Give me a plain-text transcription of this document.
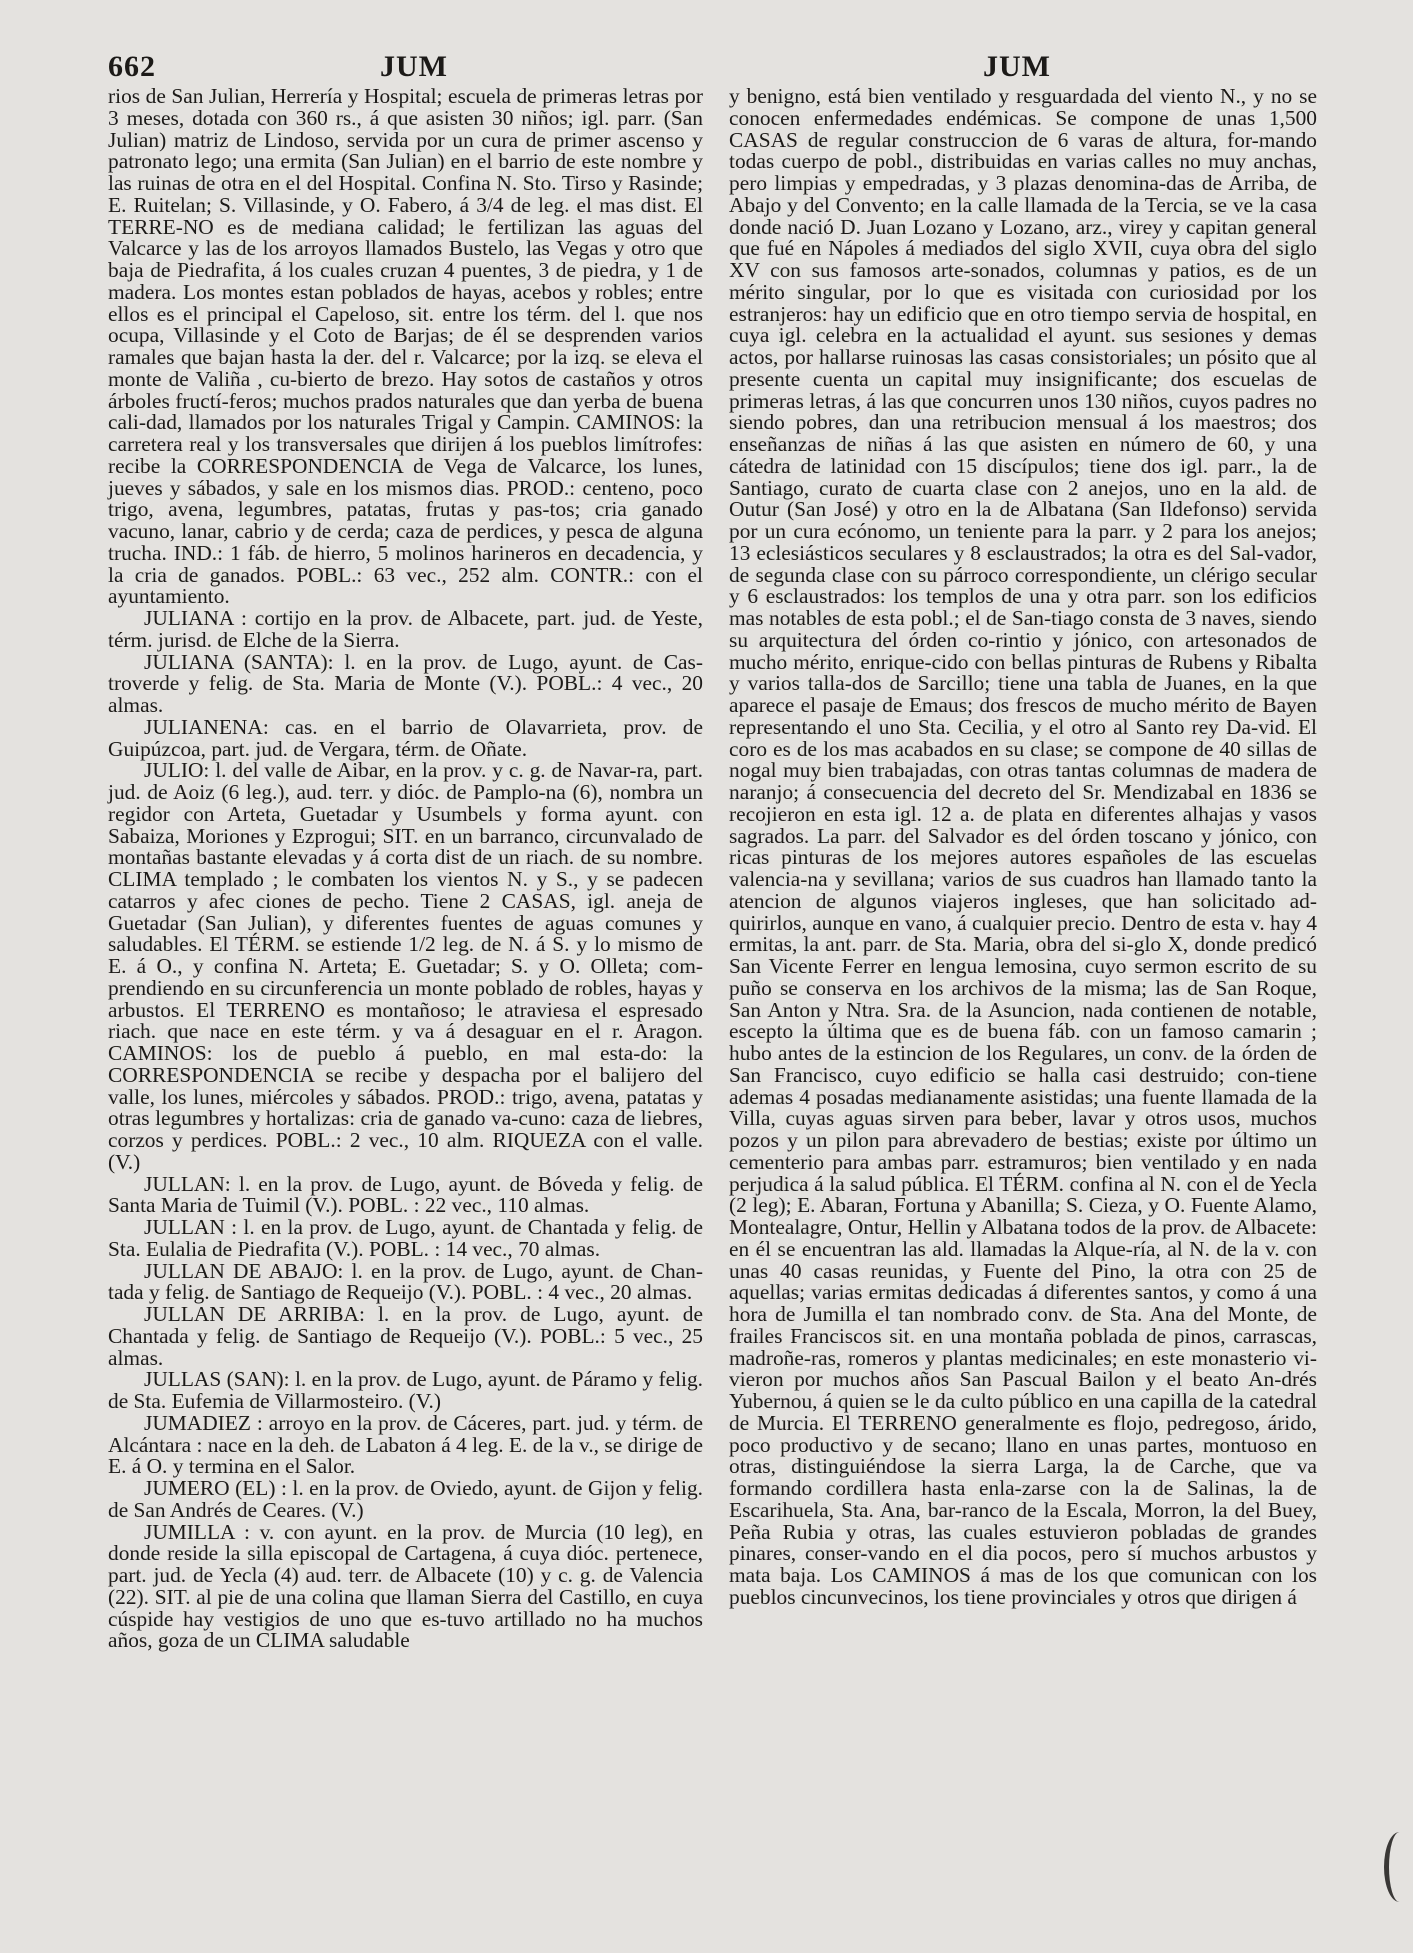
662	JUM	JUM

rios de San Julian, Herrería y Hospital; escuela de primeras letras por 3 meses, dotada con 360 rs., á que asisten 30 niños; igl. parr. (San Julian) matriz de Lindoso, servida por un cura de primer ascenso y patronato lego; una ermita (San Julian) en el barrio de este nombre y las ruinas de otra en el del Hospital. Confina N. Sto. Tirso y Rasinde; E. Ruitelan; S. Villasinde, y O. Fabero, á 3/4 de leg. el mas dist. El TERRE-NO es de mediana calidad; le fertilizan las aguas del Valcarce y las de los arroyos llamados Bustelo, las Vegas y otro que baja de Piedrafita, á los cuales cruzan 4 puentes, 3 de piedra, y 1 de madera. Los montes estan poblados de hayas, acebos y robles; entre ellos es el principal el Capeloso, sit. entre los térm. del l. que nos ocupa, Villasinde y el Coto de Barjas; de él se desprenden varios ramales que bajan hasta la der. del r. Valcarce; por la izq. se eleva el monte de Valiña , cu-bierto de brezo. Hay sotos de castaños y otros árboles fructí-feros; muchos prados naturales que dan yerba de buena cali-dad, llamados por los naturales Trigal y Campin. CAMINOS: la carretera real y los transversales que dirijen á los pueblos limítrofes: recibe la CORRESPONDENCIA de Vega de Valcarce, los lunes, jueves y sábados, y sale en los mismos dias. PROD.: centeno, poco trigo, avena, legumbres, patatas, frutas y pas-tos; cria ganado vacuno, lanar, cabrio y de cerda; caza de perdices, y pesca de alguna trucha. IND.: 1 fáb. de hierro, 5 molinos harineros en decadencia, y la cria de ganados. POBL.: 63 vec., 252 alm. CONTR.: con el ayuntamiento.

JULIANA : cortijo en la prov. de Albacete, part. jud. de Yeste, térm. jurisd. de Elche de la Sierra.

JULIANA (SANTA): l. en la prov. de Lugo, ayunt. de Cas-troverde y felig. de Sta. Maria de Monte (V.). POBL.: 4 vec., 20 almas.

JULIANENA: cas. en el barrio de Olavarrieta, prov. de Guipúzcoa, part. jud. de Vergara, térm. de Oñate.

JULIO: l. del valle de Aibar, en la prov. y c. g. de Navar-ra, part. jud. de Aoiz (6 leg.), aud. terr. y dióc. de Pamplo-na (6), nombra un regidor con Arteta, Guetadar y Usumbels y forma ayunt. con Sabaiza, Moriones y Ezprogui; SIT. en un barranco, circunvalado de montañas bastante elevadas y á corta dist de un riach. de su nombre. CLIMA templado ; le combaten los vientos N. y S., y se padecen catarros y afec ciones de pecho. Tiene 2 CASAS, igl. aneja de Guetadar (San Julian), y diferentes fuentes de aguas comunes y saludables. El TÉRM. se estiende 1/2 leg. de N. á S. y lo mismo de E. á O., y confina N. Arteta; E. Guetadar; S. y O. Olleta; com-prendiendo en su circunferencia un monte poblado de robles, hayas y arbustos. El TERRENO es montañoso; le atraviesa el espresado riach. que nace en este térm. y va á desaguar en el r. Aragon. CAMINOS: los de pueblo á pueblo, en mal esta-do: la CORRESPONDENCIA se recibe y despacha por el balijero del valle, los lunes, miércoles y sábados. PROD.: trigo, avena, patatas y otras legumbres y hortalizas: cria de ganado va-cuno: caza de liebres, corzos y perdices. POBL.: 2 vec., 10 alm. RIQUEZA con el valle. (V.)

JULLAN: l. en la prov. de Lugo, ayunt. de Bóveda y felig. de Santa Maria de Tuimil (V.). POBL. : 22 vec., 110 almas.

JULLAN : l. en la prov. de Lugo, ayunt. de Chantada y felig. de Sta. Eulalia de Piedrafita (V.). POBL. : 14 vec., 70 almas.

JULLAN DE ABAJO: l. en la prov. de Lugo, ayunt. de Chan-tada y felig. de Santiago de Requeijo (V.). POBL. : 4 vec., 20 almas.

JULLAN DE ARRIBA: l. en la prov. de Lugo, ayunt. de Chantada y felig. de Santiago de Requeijo (V.). POBL.: 5 vec., 25 almas.

JULLAS (SAN): l. en la prov. de Lugo, ayunt. de Páramo y felig. de Sta. Eufemia de Villarmosteiro. (V.)

JUMADIEZ : arroyo en la prov. de Cáceres, part. jud. y térm. de Alcántara : nace en la deh. de Labaton á 4 leg. E. de la v., se dirige de E. á O. y termina en el Salor.

JUMERO (EL) : l. en la prov. de Oviedo, ayunt. de Gijon y felig. de San Andrés de Ceares. (V.)

JUMILLA : v. con ayunt. en la prov. de Murcia (10 leg), en donde reside la silla episcopal de Cartagena, á cuya dióc. pertenece, part. jud. de Yecla (4) aud. terr. de Albacete (10) y c. g. de Valencia (22). SIT. al pie de una colina que llaman Sierra del Castillo, en cuya cúspide hay vestigios de uno que es-tuvo artillado no ha muchos años, goza de un CLIMA saludable

y benigno, está bien ventilado y resguardada del viento N., y no se conocen enfermedades endémicas. Se compone de unas 1,500 CASAS de regular construccion de 6 varas de altura, for-mando todas cuerpo de pobl., distribuidas en varias calles no muy anchas, pero limpias y empedradas, y 3 plazas denomina-das de Arriba, de Abajo y del Convento; en la calle llamada de la Tercia, se ve la casa donde nació D. Juan Lozano y Lozano, arz., virey y capitan general que fué en Nápoles á mediados del siglo XVII, cuya obra del siglo XV con sus famosos arte-sonados, columnas y patios, es de un mérito singular, por lo que es visitada con curiosidad por los estranjeros: hay un edificio que en otro tiempo servia de hospital, en cuya igl. celebra en la actualidad el ayunt. sus sesiones y demas actos, por hallarse ruinosas las casas consistoriales; un pósito que al presente cuenta un capital muy insignificante; dos escuelas de primeras letras, á las que concurren unos 130 niños, cuyos padres no siendo pobres, dan una retribucion mensual á los maestros; dos enseñanzas de niñas á las que asisten en número de 60, y una cátedra de latinidad con 15 discípulos; tiene dos igl. parr., la de Santiago, curato de cuarta clase con 2 anejos, uno en la ald. de Outur (San José) y otro en la de Albatana (San Ildefonso) servida por un cura ecónomo, un teniente para la parr. y 2 para los anejos; 13 eclesiásticos seculares y 8 esclaustrados; la otra es del Sal-vador, de segunda clase con su párroco correspondiente, un clérigo secular y 6 esclaustrados: los templos de una y otra parr. son los edificios mas notables de esta pobl.; el de San-tiago consta de 3 naves, siendo su arquitectura del órden co-rintio y jónico, con artesonados de mucho mérito, enrique-cido con bellas pinturas de Rubens y Ribalta y varios talla-dos de Sarcillo; tiene una tabla de Juanes, en la que aparece el pasaje de Emaus; dos frescos de mucho mérito de Bayen representando el uno Sta. Cecilia, y el otro al Santo rey Da-vid. El coro es de los mas acabados en su clase; se compone de 40 sillas de nogal muy bien trabajadas, con otras tantas columnas de madera de naranjo; á consecuencia del decreto del Sr. Mendizabal en 1836 se recojieron en esta igl. 12 a. de plata en diferentes alhajas y vasos sagrados. La parr. del Salvador es del órden toscano y jónico, con ricas pinturas de los mejores autores españoles de las escuelas valencia-na y sevillana; varios de sus cuadros han llamado tanto la atencion de algunos viajeros ingleses, que han solicitado ad-quirirlos, aunque en vano, á cualquier precio. Dentro de esta v. hay 4 ermitas, la ant. parr. de Sta. Maria, obra del si-glo X, donde predicó San Vicente Ferrer en lengua lemosina, cuyo sermon escrito de su puño se conserva en los archivos de la misma; las de San Roque, San Anton y Ntra. Sra. de la Asuncion, nada contienen de notable, escepto la última que es de buena fáb. con un famoso camarin ; hubo antes de la estincion de los Regulares, un conv. de la órden de San Francisco, cuyo edificio se halla casi destruido; con-tiene ademas 4 posadas medianamente asistidas; una fuente llamada de la Villa, cuyas aguas sirven para beber, lavar y otros usos, muchos pozos y un pilon para abrevadero de bestias; existe por último un cementerio para ambas parr. estramuros; bien ventilado y en nada perjudica á la salud pública. El TÉRM. confina al N. con el de Yecla (2 leg); E. Abaran, Fortuna y Abanilla; S. Cieza, y O. Fuente Alamo, Montealagre, Ontur, Hellin y Albatana todos de la prov. de Albacete: en él se encuentran las ald. llamadas la Alque-ría, al N. de la v. con unas 40 casas reunidas, y Fuente del Pino, la otra con 25 de aquellas; varias ermitas dedicadas á diferentes santos, y como á una hora de Jumilla el tan nombrado conv. de Sta. Ana del Monte, de frailes Franciscos sit. en una montaña poblada de pinos, carrascas, madroñe-ras, romeros y plantas medicinales; en este monasterio vi-vieron por muchos años San Pascual Bailon y el beato An-drés Yubernou, á quien se le da culto público en una capilla de la catedral de Murcia. El TERRENO generalmente es flojo, pedregoso, árido, poco productivo y de secano; llano en unas partes, montuoso en otras, distinguiéndose la sierra Larga, la de Carche, que va formando cordillera hasta enla-zarse con la de Salinas, la de Escarihuela, Sta. Ana, bar-ranco de la Escala, Morron, la del Buey, Peña Rubia y otras, las cuales estuvieron pobladas de grandes pinares, conser-vando en el dia pocos, pero sí muchos arbustos y mata baja. Los CAMINOS á mas de los que comunican con los pueblos cincunvecinos, los tiene provinciales y otros que dirigen á
